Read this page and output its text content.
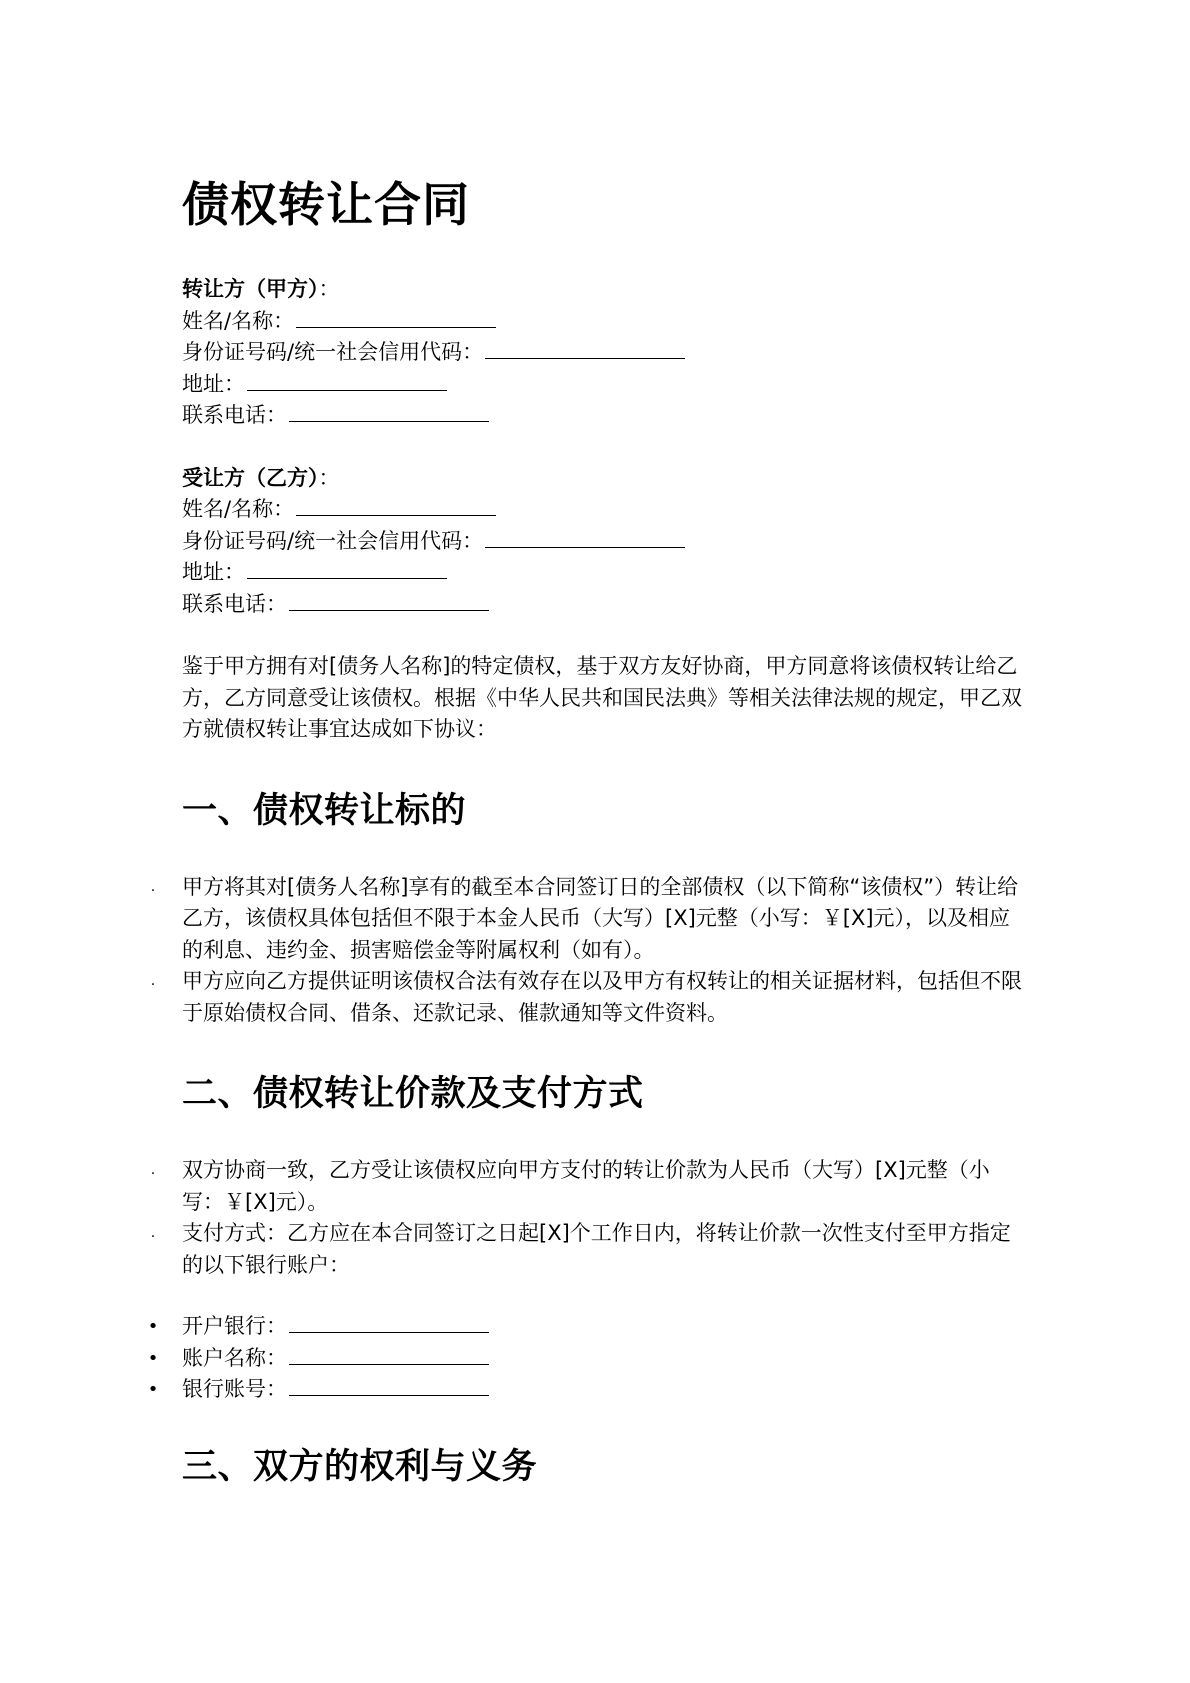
债权转让合同
转让方（甲方）：
姓名/名称：
身份证号码/统一社会信用代码：
地址：
联系电话：
受让方（乙方）：
姓名/名称：
身份证号码/统一社会信用代码：
地址：
联系电话：

鉴于甲方拥有对[债务人名称]的特定债权，基于双方友好协商，甲方同意将该债权转让给乙方，乙方同意受让该债权。根据《中华人民共和国民法典》等相关法律法规的规定，甲乙双方就债权转让事宜达成如下协议：

一、债权转让标的
. 甲方将其对[债务人名称]享有的截至本合同签订日的全部债权（以下简称“该债权”）转让给乙方，该债权具体包括但不限于本金人民币（大写）[X]元整（小写：￥[X]元），以及相应的利息、违约金、损害赔偿金等附属权利（如有）。
. 甲方应向乙方提供证明该债权合法有效存在以及甲方有权转让的相关证据材料，包括但不限于原始债权合同、借条、还款记录、催款通知等文件资料。
二、债权转让价款及支付方式
. 双方协商一致，乙方受让该债权应向甲方支付的转让价款为人民币（大写）[X]元整（小写：￥[X]元）。
. 支付方式：乙方应在本合同签订之日起[X]个工作日内，将转让价款一次性支付至甲方指定的以下银行账户：
• 开户银行：
• 账户名称：
• 银行账号：
三、双方的权利与义务
